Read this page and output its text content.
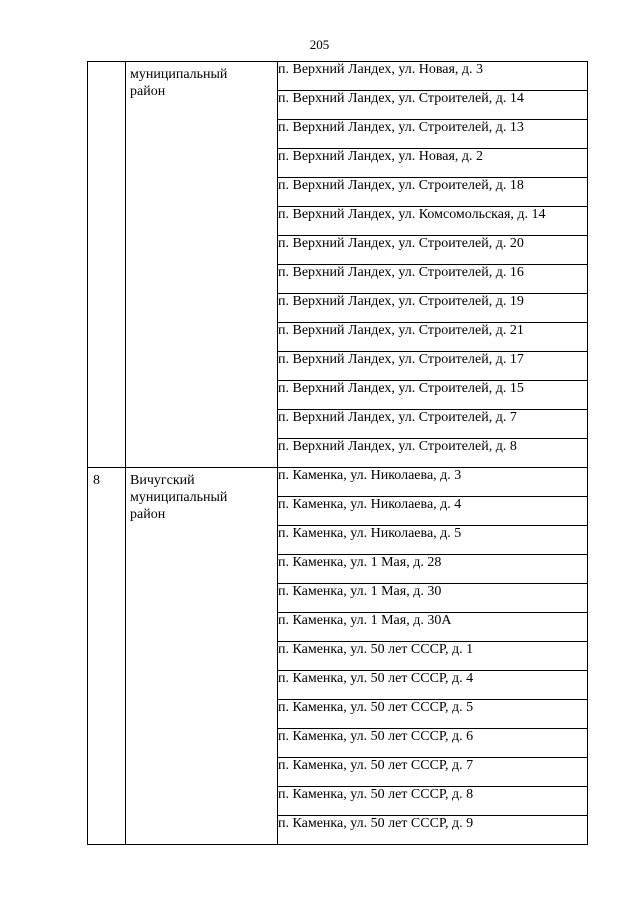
205

	муниципальный
район	п. Верхний Ландех, ул. Новая, д. 3
		п. Верхний Ландех, ул. Строителей, д. 14
		п. Верхний Ландех, ул. Строителей, д. 13
		п. Верхний Ландех, ул. Новая, д. 2
		п. Верхний Ландех, ул. Строителей, д. 18
		п. Верхний Ландех, ул. Комсомольская, д. 14
		п. Верхний Ландех, ул. Строителей, д. 20
		п. Верхний Ландех, ул. Строителей, д. 16
		п. Верхний Ландех, ул. Строителей, д. 19
		п. Верхний Ландех, ул. Строителей, д. 21
		п. Верхний Ландех, ул. Строителей, д. 17
		п. Верхний Ландех, ул. Строителей, д. 15
		п. Верхний Ландех, ул. Строителей, д. 7
		п. Верхний Ландех, ул. Строителей, д. 8

8	Вичугский
муниципальный
район	п. Каменка, ул. Николаева, д. 3
		п. Каменка, ул. Николаева, д. 4
		п. Каменка, ул. Николаева, д. 5
		п. Каменка, ул. 1 Мая, д. 28
		п. Каменка, ул. 1 Мая, д. 30
		п. Каменка, ул. 1 Мая, д. 30А
		п. Каменка, ул. 50 лет СССР, д. 1
		п. Каменка, ул. 50 лет СССР, д. 4
		п. Каменка, ул. 50 лет СССР, д. 5
		п. Каменка, ул. 50 лет СССР, д. 6
		п. Каменка, ул. 50 лет СССР, д. 7
		п. Каменка, ул. 50 лет СССР, д. 8
		п. Каменка, ул. 50 лет СССР, д. 9
